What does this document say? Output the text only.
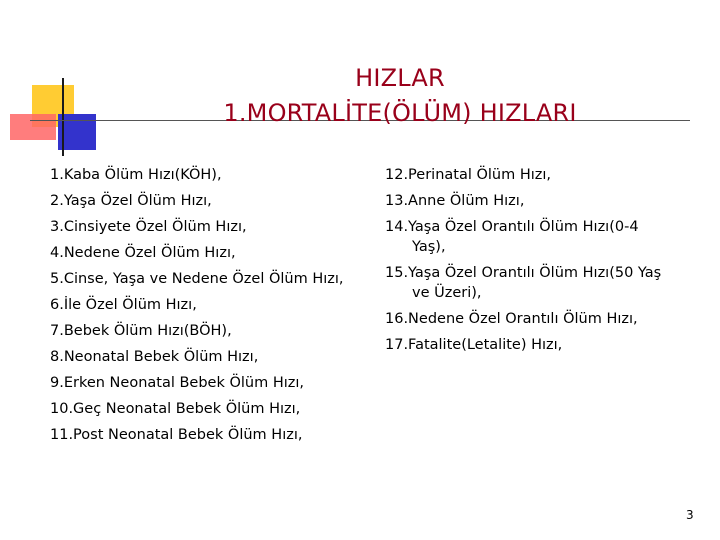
HIZLAR
1.MORTALİTE(ÖLÜM) HIZLARI
1.Kaba Ölüm Hızı(KÖH),
2.Yaşa Özel Ölüm Hızı,
3.Cinsiyete Özel Ölüm Hızı,
4.Nedene Özel Ölüm Hızı,
5.Cinse, Yaşa ve Nedene Özel Ölüm Hızı,
6.İle Özel Ölüm Hızı,
7.Bebek Ölüm Hızı(BÖH),
8.Neonatal Bebek Ölüm Hızı,
9.Erken Neonatal Bebek Ölüm Hızı,
10.Geç Neonatal Bebek Ölüm Hızı,
11.Post Neonatal Bebek Ölüm Hızı,
12.Perinatal Ölüm Hızı,
13.Anne Ölüm Hızı,
14.Yaşa Özel Orantılı Ölüm Hızı(0-4
Yaş),
15.Yaşa Özel Orantılı Ölüm Hızı(50 Yaş
ve Üzeri),
16.Nedene Özel Orantılı Ölüm Hızı,
17.Fatalite(Letalite) Hızı,
3
